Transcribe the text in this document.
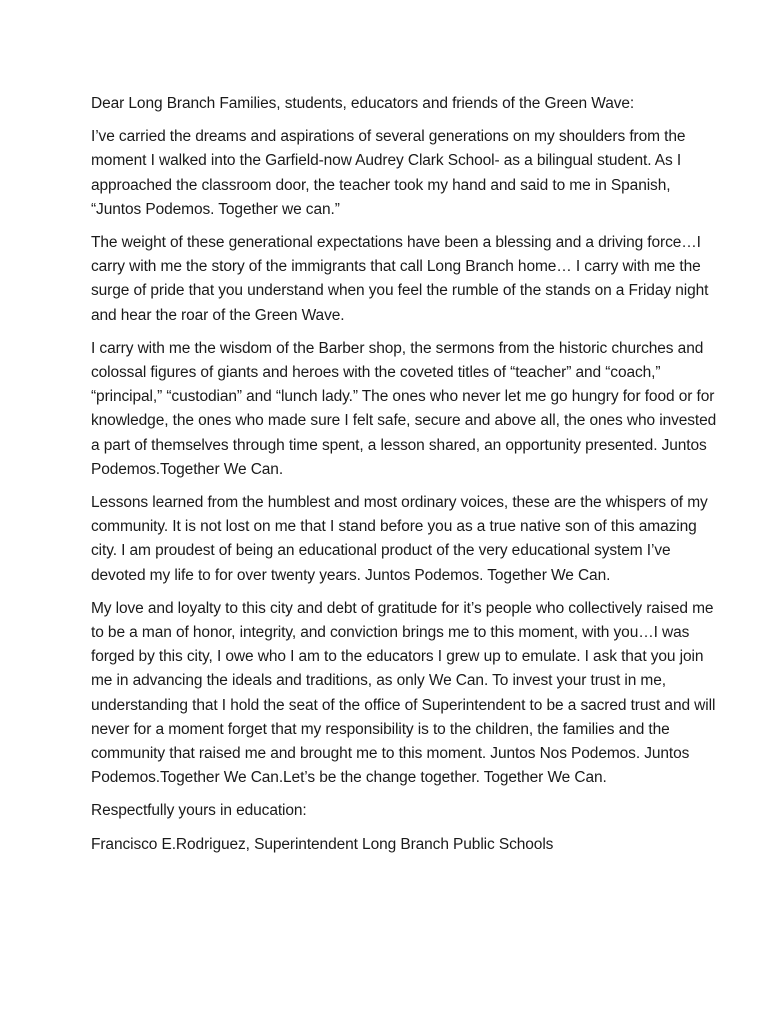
Dear Long Branch Families, students, educators and friends of the Green Wave:

I’ve carried the dreams and aspirations of several generations on my shoulders from the moment I walked into the Garfield-now Audrey Clark School- as a bilingual student. As I approached the classroom door, the teacher took my hand and said to me in Spanish, “Juntos Podemos. Together we can.”

The weight of these generational expectations have been a blessing and a driving force…I carry with me the story of the immigrants that call Long Branch home… I carry with me the surge of pride that you understand when you feel the rumble of the stands on a Friday night and hear the roar of the Green Wave.

I carry with me the wisdom of the Barber shop, the sermons from the historic churches and colossal figures of giants and heroes with the coveted titles of “teacher” and “coach,” “principal,” “custodian” and “lunch lady.” The ones who never let me go hungry for food or for knowledge, the ones who made sure I felt safe, secure and above all, the ones who invested a part of themselves through time spent, a lesson shared, an opportunity presented. Juntos Podemos.Together We Can.

Lessons learned from the humblest and most ordinary voices, these are the whispers of my community. It is not lost on me that I stand before you as a true native son of this amazing city. I am proudest of being an educational product of the very educational system I’ve devoted my life to for over twenty years. Juntos Podemos. Together We Can.

My love and loyalty to this city and debt of gratitude for it’s people who collectively raised me to be a man of honor, integrity, and conviction brings me to this moment, with you…I was forged by this city, I owe who I am to the educators I grew up to emulate. I ask that you join me in advancing the ideals and traditions, as only We Can. To invest your trust in me, understanding that I hold the seat of the office of Superintendent to be a sacred trust and will never for a moment forget that my responsibility is to the children, the families and the community that raised me and brought me to this moment. Juntos Nos Podemos. Juntos Podemos.Together We Can.Let’s be the change together. Together We Can.

Respectfully yours in education:

Francisco E.Rodriguez, Superintendent Long Branch Public Schools
